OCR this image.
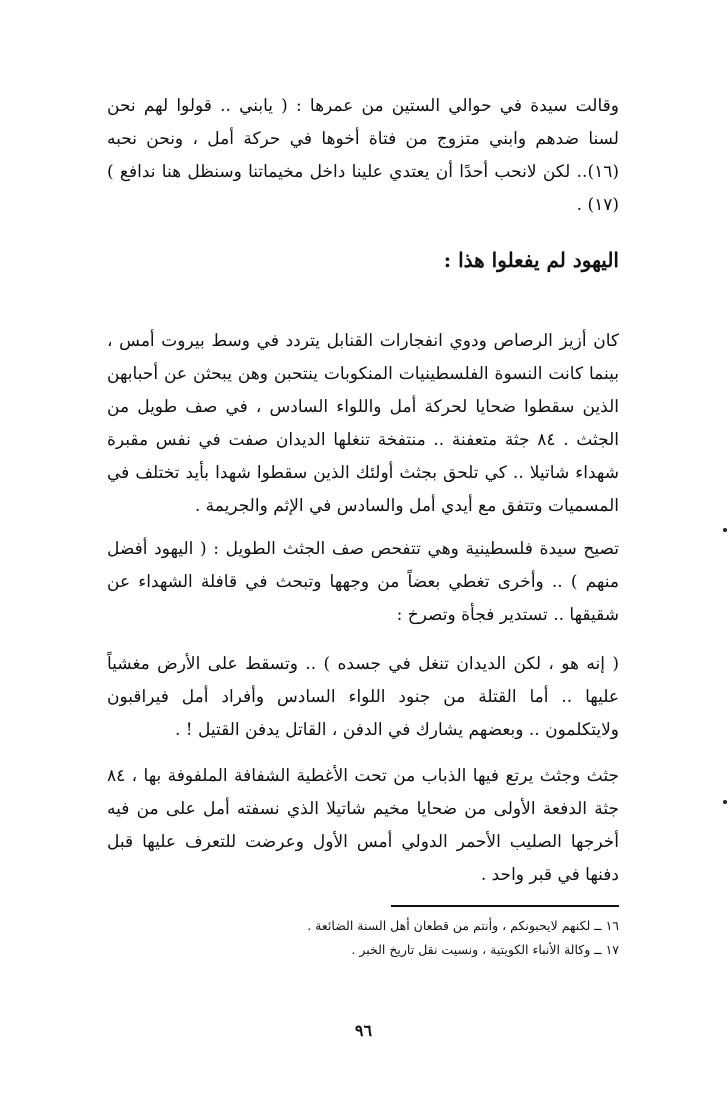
وقالت سيدة في حوالي الستين من عمرها : ( يابني .. قولوا لهم نحن لسنا ضدهم وابني متزوج من فتاة أخوها في حركة أمل ، ونحن نحبه (١٦).. لكن لانحب أحدًا أن يعتدي علينا داخل مخيماتنا وسنظل هنا ندافع ) (١٧) .

اليهود لم يفعلوا هذا :

كان أزيز الرصاص ودوي انفجارات القنابل يتردد في وسط بيروت أمس ، بينما كانت النسوة الفلسطينيات المنكوبات ينتحبن وهن يبحثن عن أحبابهن الذين سقطوا ضحايا لحركة أمل واللواء السادس ، في صف طويل من الجثث . ٨٤ جثة متعفنة .. منتفخة تنغلها الديدان صفت في نفس مقبرة شهداء شاتيلا .. كي تلحق بجثث أولئك الذين سقطوا شهدا بأيد تختلف في المسميات وتتفق مع أيدي أمل والسادس في الإثم والجريمة .

تصيح سيدة فلسطينية وهي تتفحص صف الجثث الطويل : ( اليهود أفضل منهم ) .. وأخرى تغطي بعضاً من وجهها وتبحث في قافلة الشهداء عن شقيقها .. تستدير فجأة وتصرخ :

( إنه هو ، لكن الديدان تنغل في جسده ) .. وتسقط على الأرض مغشياً عليها .. أما القتلة من جنود اللواء السادس وأفراد أمل فيراقبون ولايتكلمون .. وبعضهم يشارك في الدفن ، القاتل يدفن القتيل ! .

جثث وجثث يرتع فيها الذباب من تحت الأغطية الشفافة الملفوفة بها ، ٨٤ جثة الدفعة الأولى من ضحايا مخيم شاتيلا الذي نسفته أمل على من فيه أخرجها الصليب الأحمر الدولي أمس الأول وعرضت للتعرف عليها قبل دفنها في قبر واحد .

١٦ ــ لكنهم لايحبونكم ، وأنتم من قطعان أهل السنة الضائعة .
١٧ ــ وكالة الأنباء الكويتية ، ونسيت نقل تاريخ الخبر .
٩٦
